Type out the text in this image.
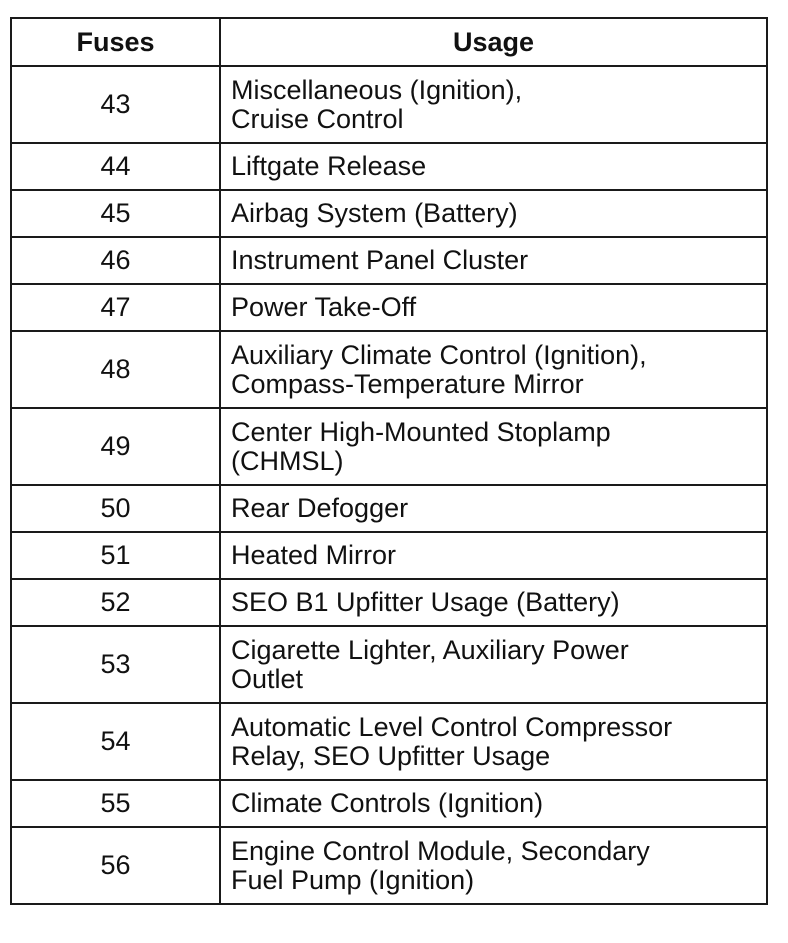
Fuses	Usage
43	Miscellaneous (Ignition),
Cruise Control
44	Liftgate Release
45	Airbag System (Battery)
46	Instrument Panel Cluster
47	Power Take-Off
48	Auxiliary Climate Control (Ignition),
Compass-Temperature Mirror
49	Center High-Mounted Stoplamp
(CHMSL)
50	Rear Defogger
51	Heated Mirror
52	SEO B1 Upfitter Usage (Battery)
53	Cigarette Lighter, Auxiliary Power
Outlet
54	Automatic Level Control Compressor
Relay, SEO Upfitter Usage
55	Climate Controls (Ignition)
56	Engine Control Module, Secondary
Fuel Pump (Ignition)
